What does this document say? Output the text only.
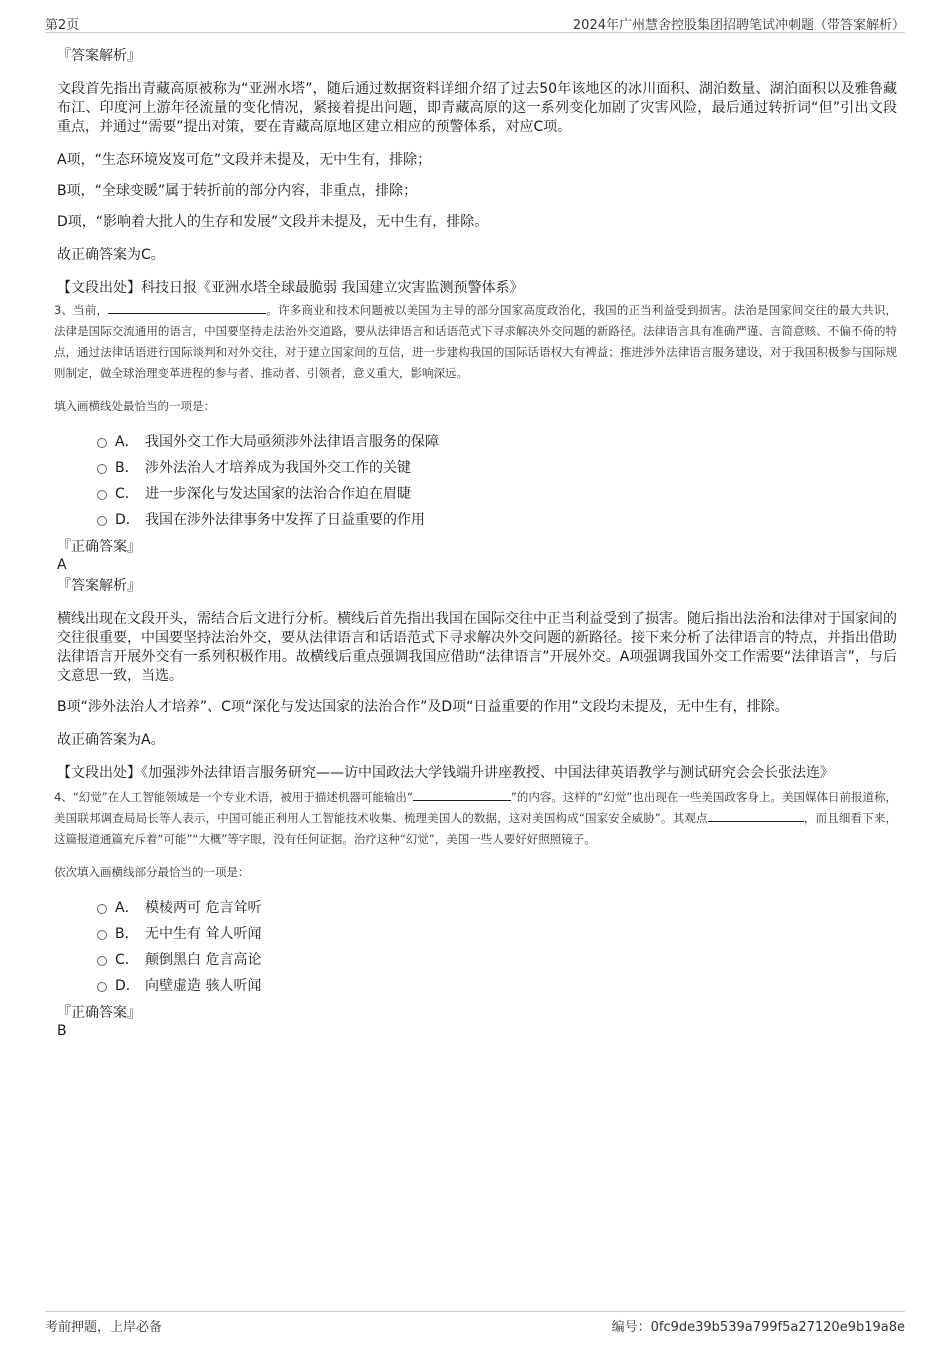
第2页	2024年广州慧舍控股集团招聘笔试冲刺题（带答案解析）

『答案解析』

文段首先指出青藏高原被称为“亚洲水塔”，随后通过数据资料详细介绍了过去50年该地区的冰川面积、湖泊数量、湖泊面积以及雅鲁藏布江、印度河上游年径流量的变化情况，紧接着提出问题，即青藏高原的这一系列变化加剧了灾害风险，最后通过转折词“但”引出文段重点，并通过“需要”提出对策，要在青藏高原地区建立相应的预警体系，对应C项。

A项，“生态环境岌岌可危”文段并未提及，无中生有，排除；

B项，“全球变暖”属于转折前的部分内容，非重点，排除；

D项，“影响着大批人的生存和发展”文段并未提及，无中生有，排除。

故正确答案为C。

【文段出处】科技日报《亚洲水塔全球最脆弱 我国建立灾害监测预警体系》

3、当前，	。许多商业和技术问题被以美国为主导的部分国家高度政治化，我国的正当利益受到损害。法治是国家间交往的最大共识，法律是国际交流通用的语言，中国要坚持走法治外交道路，要从法律语言和话语范式下寻求解决外交问题的新路径。法律语言具有准确严谨、言简意赅、不偏不倚的特点，通过法律话语进行国际谈判和对外交往，对于建立国家间的互信，进一步建构我国的国际话语权大有裨益；推进涉外法律语言服务建设，对于我国积极参与国际规则制定，做全球治理变革进程的参与者、推动者、引领者，意义重大，影响深远。

填入画横线处最恰当的一项是：

A． 我国外交工作大局亟须涉外法律语言服务的保障
B． 涉外法治人才培养成为我国外交工作的关键
C． 进一步深化与发达国家的法治合作迫在眉睫
D． 我国在涉外法律事务中发挥了日益重要的作用

『正确答案』

A

『答案解析』

横线出现在文段开头，需结合后文进行分析。横线后首先指出我国在国际交往中正当利益受到了损害。随后指出法治和法律对于国家间的交往很重要，中国要坚持法治外交，要从法律语言和话语范式下寻求解决外交问题的新路径。接下来分析了法律语言的特点，并指出借助法律语言开展外交有一系列积极作用。故横线后重点强调我国应借助“法律语言”开展外交。A项强调我国外交工作需要“法律语言”，与后文意思一致，当选。

B项“涉外法治人才培养”、C项“深化与发达国家的法治合作”及D项“日益重要的作用”文段均未提及，无中生有，排除。

故正确答案为A。

【文段出处】《加强涉外法律语言服务研究——访中国政法大学钱端升讲座教授、中国法律英语教学与测试研究会会长张法连》

4、“幻觉”在人工智能领域是一个专业术语，被用于描述机器可能输出“	”的内容。这样的“幻觉”也出现在一些美国政客身上。美国媒体日前报道称，美国联邦调查局局长等人表示，中国可能正利用人工智能技术收集、梳理美国人的数据，这对美国构成“国家安全威胁”。其观点	，而且细看下来，这篇报道通篇充斥着“可能”“大概”等字眼，没有任何证据。治疗这种“幻觉”，美国一些人要好好照照镜子。

依次填入画横线部分最恰当的一项是：

A． 模棱两可 危言耸听
B． 无中生有 耸人听闻
C． 颠倒黑白 危言高论
D． 向壁虚造 骇人听闻

『正确答案』

B

考前押题，上岸必备	编号：0fc9de39b539a799f5a27120e9b19a8e
